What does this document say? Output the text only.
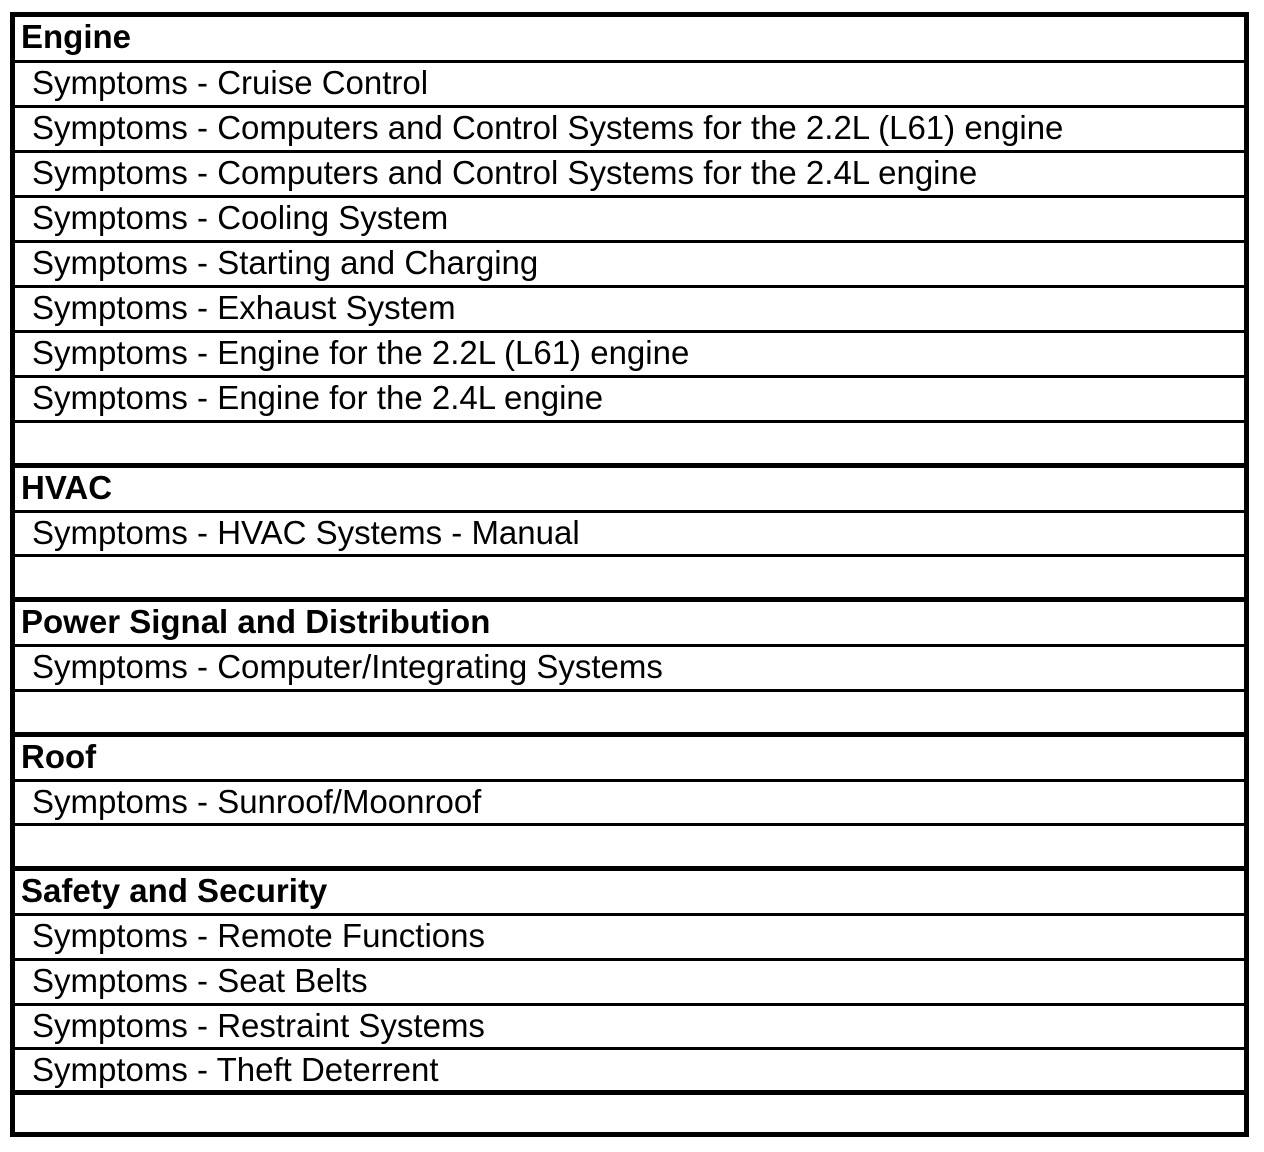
Engine
Symptoms - Cruise Control
Symptoms - Computers and Control Systems for the 2.2L (L61) engine
Symptoms - Computers and Control Systems for the 2.4L engine
Symptoms - Cooling System
Symptoms - Starting and Charging
Symptoms - Exhaust System
Symptoms - Engine for the 2.2L (L61) engine
Symptoms - Engine for the 2.4L engine
HVAC
Symptoms - HVAC Systems - Manual
Power Signal and Distribution
Symptoms - Computer/Integrating Systems
Roof
Symptoms - Sunroof/Moonroof
Safety and Security
Symptoms - Remote Functions
Symptoms - Seat Belts
Symptoms - Restraint Systems
Symptoms - Theft Deterrent
